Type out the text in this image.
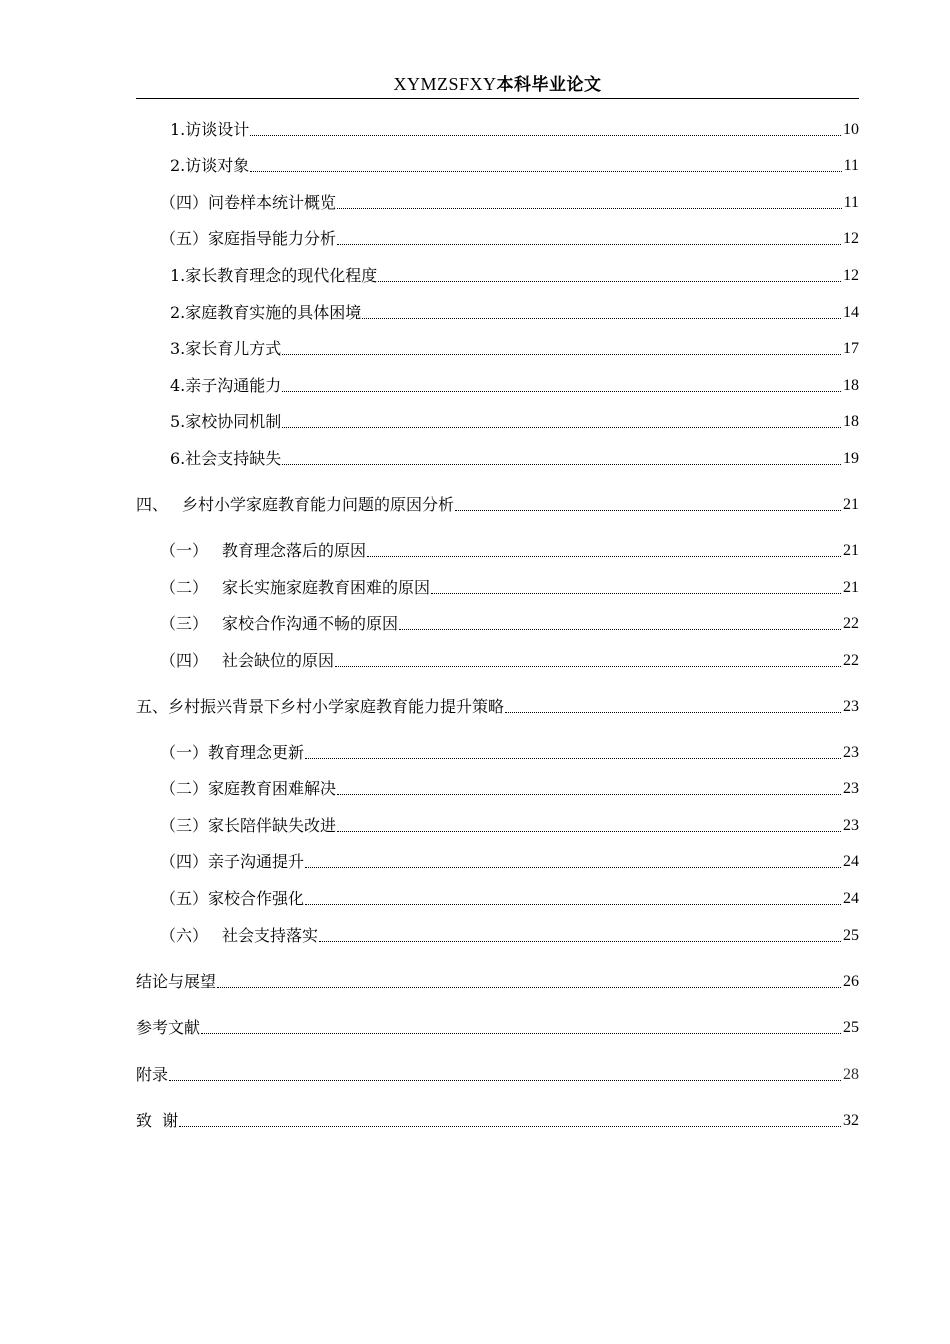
XYMZSFXY本科毕业论文
1.访谈设计	10
2.访谈对象	11
（四）问卷样本统计概览	11
（五）家庭指导能力分析	12
1.家长教育理念的现代化程度	12
2.家庭教育实施的具体困境	14
3.家长育儿方式	17
4.亲子沟通能力	18
5.家校协同机制	18
6.社会支持缺失	19
四、 乡村小学家庭教育能力问题的原因分析	21
（一） 教育理念落后的原因	21
（二） 家长实施家庭教育困难的原因	21
（三） 家校合作沟通不畅的原因	22
（四） 社会缺位的原因	22
五、乡村振兴背景下乡村小学家庭教育能力提升策略	23
（一）教育理念更新	23
（二）家庭教育困难解决	23
（三）家长陪伴缺失改进	23
（四）亲子沟通提升	24
（五）家校合作强化	24
（六） 社会支持落实	25
结论与展望	26
参考文献	25
附录	28
致  谢	32
